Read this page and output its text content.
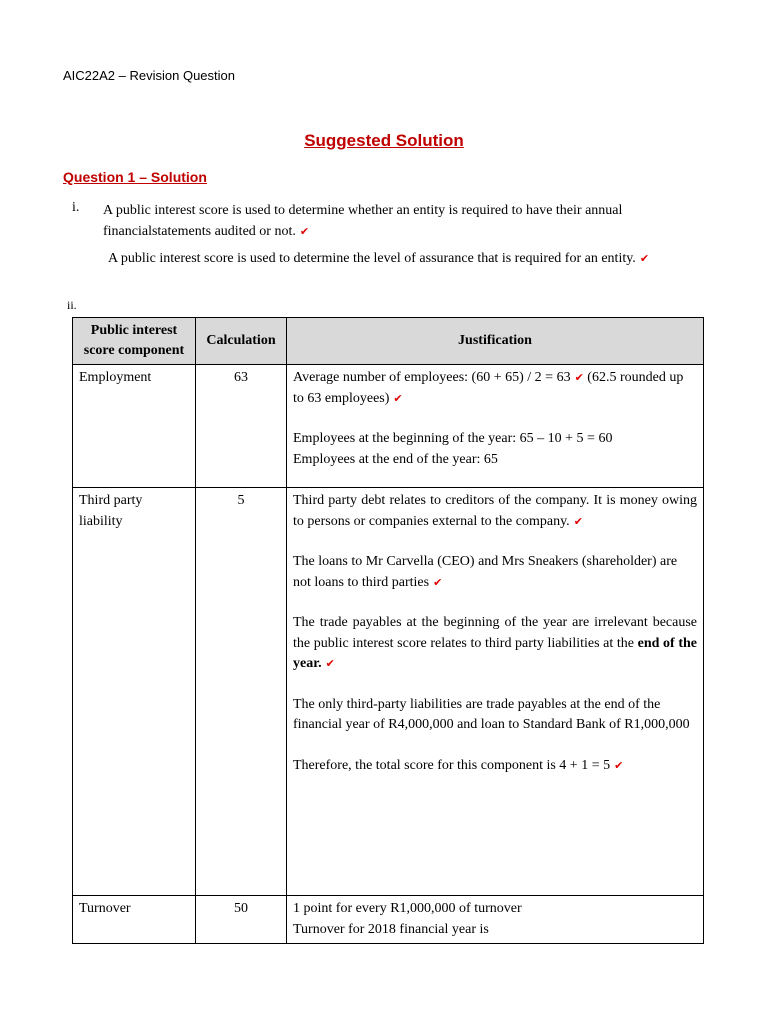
AIC22A2 – Revision Question
Suggested Solution
Question 1 – Solution
i. A public interest score is used to determine whether an entity is required to have their annual financialstatements audited or not. ✔
A public interest score is used to determine the level of assurance that is required for an entity. ✔
ii.
Public interest score component	Calculation	Justification
Employment	63	Average number of employees: (60 + 65) / 2 = 63 ✔ (62.5 rounded up to 63 employees) ✔
Employees at the beginning of the year: 65 – 10 + 5 = 60
Employees at the end of the year: 65

Third party liability	5	Third party debt relates to creditors of the company. It is money owing to persons or companies external to the company. ✔
The loans to Mr Carvella (CEO) and Mrs Sneakers (shareholder) are not loans to third parties ✔
The trade payables at the beginning of the year are irrelevant because the public interest score relates to third party liabilities at the end of the year. ✔
The only third-party liabilities are trade payables at the end of the financial year of R4,000,000 and loan to Standard Bank of R1,000,000
Therefore, the total score for this component is 4 + 1 = 5 ✔

Turnover	50	1 point for every R1,000,000 of turnover
Turnover for 2018 financial year is
